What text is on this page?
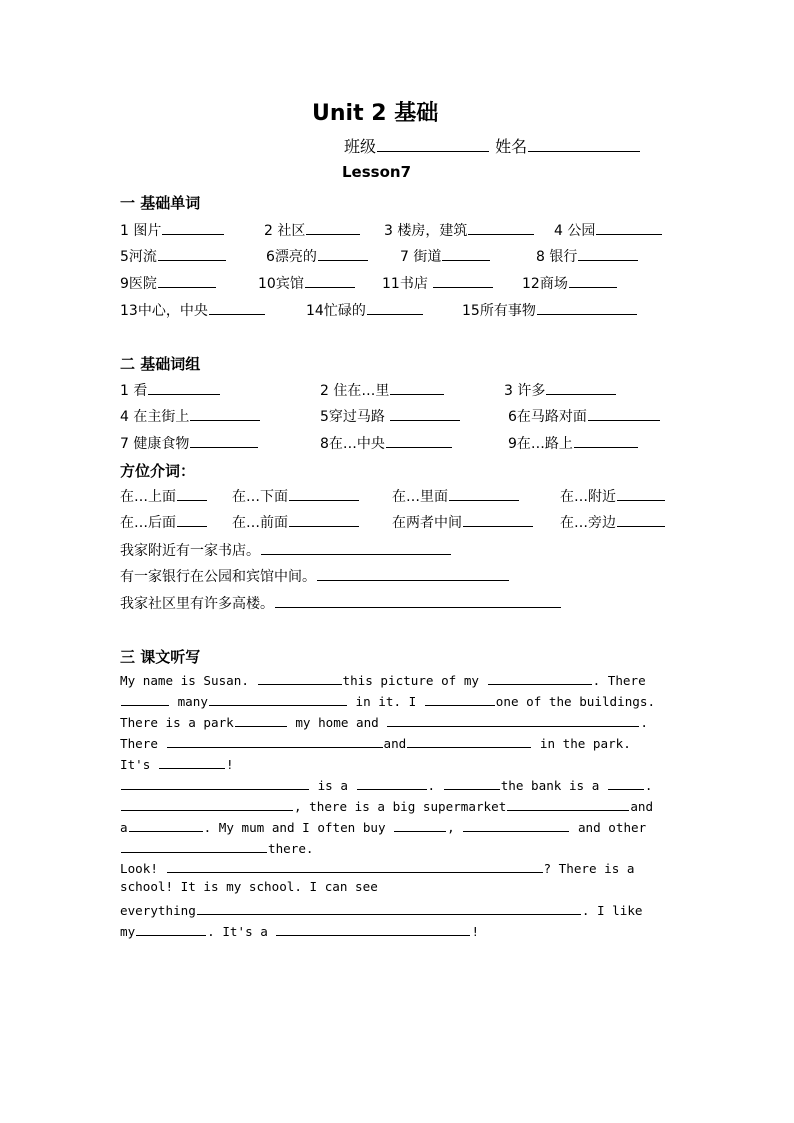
Unit 2 基础
班级	姓名
Lesson7
一 基础单词
1 图片	2 社区	3 楼房，建筑	4 公园
5河流	6漂亮的	7 街道	8 银行
9医院	10宾馆	11书店	12商场
13中心，中央	14忙碌的	15所有事物
二 基础词组
1 看	2 住在…里	3 许多
4 在主街上	5穿过马路	6在马路对面
7 健康食物	8在…中央	9在…路上
方位介词：
在…上面	在…下面	在…里面	在…附近
在…后面	在…前面	在两者中间	在…旁边
我家附近有一家书店。
有一家银行在公园和宾馆中间。
我家社区里有许多高楼。
三 课文听写
My name is Susan.	this picture of my	. There
many	in it. I	one of the buildings.
There is a park	my home and	.
There	and	in the park.
It's	!
is a	.	the bank is a	.
, there is a big supermarket	and
a	. My mum and I often buy	,	and other
there.
Look!	? There is a
school! It is my school. I can see
everything	. I like
my	. It's a	!
